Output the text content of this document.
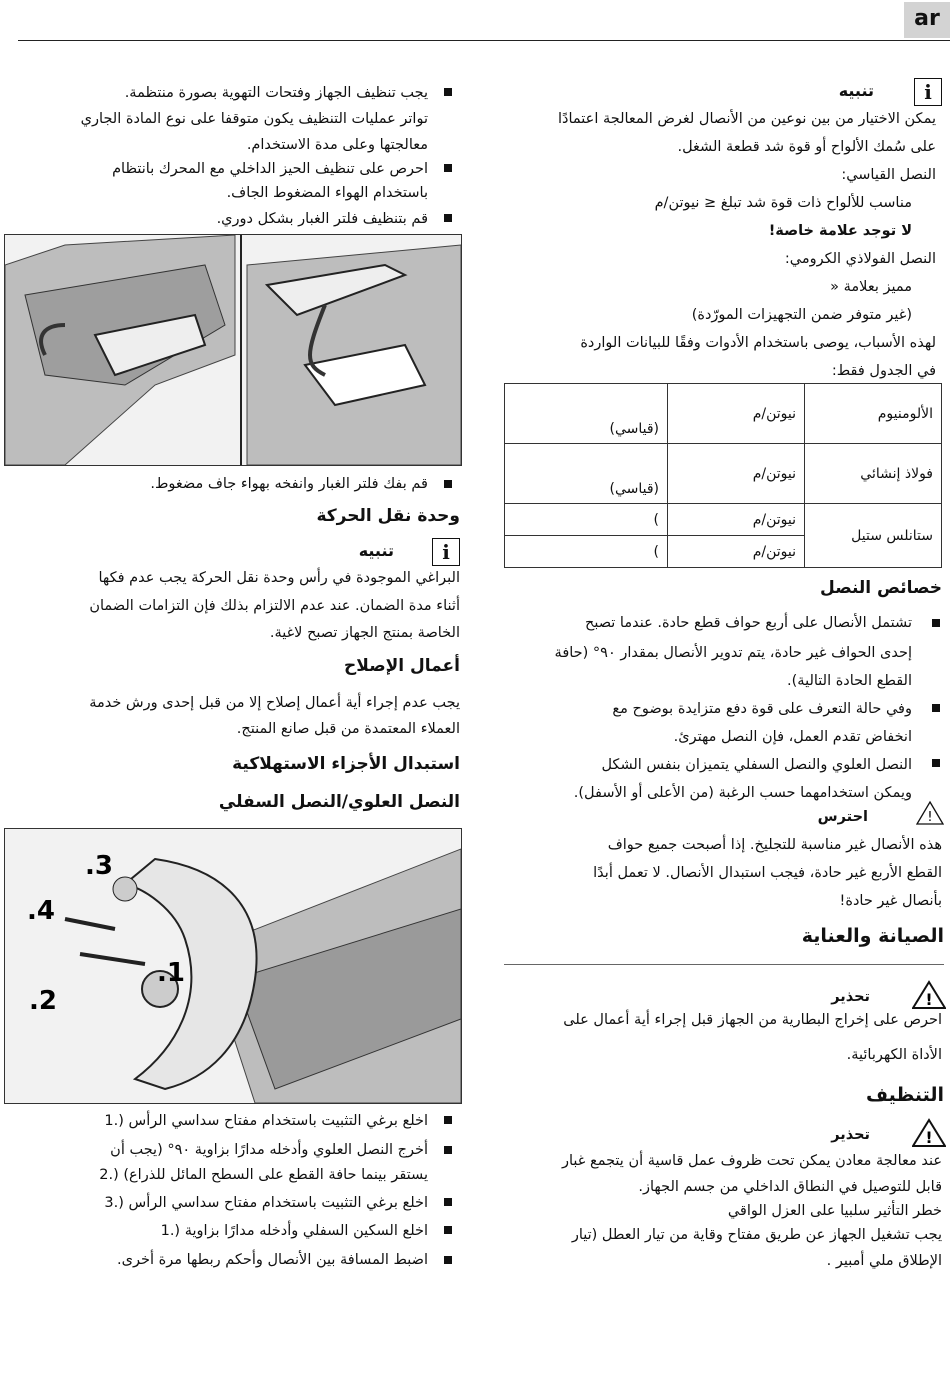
ar
i
تنبيه
يمكن الاختيار من بين نوعين من الأنصال لغرض المعالجة اعتمادًا
على سُمك الألواح أو قوة شد قطعة الشغل.
النصل القياسي:
مناسب للألواح ذات قوة شد تبلغ ≤ نيوتن/م
لا توجد علامة خاصة!
النصل الفولاذي الكرومي:
مميز بعلامة «
(غير متوفر ضمن التجهيزات المورّدة)
لهذه الأسباب، يوصى باستخدام الأدوات وفقًا للبيانات الواردة
في الجدول فقط:
الألومنيوم	نيوتن/م	(قياسي)
فولاذ إنشائي	نيوتن/م	(قياسي)
ستانلس ستيل	نيوتن/م	)
	نيوتن/م	)
خصائص النصل
تشتمل الأنصال على أربع حواف قطع حادة. عندما تصبح
إحدى الحواف غير حادة، يتم تدوير الأنصال بمقدار ٩٠° (حافة
القطع الحادة التالية).
وفي حالة التعرف على قوة دفع متزايدة بوضوح مع
انخفاض تقدم العمل، فإن النصل مهترئ.
النصل العلوي والنصل السفلي يتميزان بنفس الشكل
ويمكن استخدامهما حسب الرغبة (من الأعلى أو الأسفل).
!
احترس
هذه الأنصال غير مناسبة للتجليخ. إذا أصبحت جميع حواف
القطع الأربع غير حادة، فيجب استبدال الأنصال. لا تعمل أبدًا
بأنصال غير حادة!
الصيانة والعناية
!
تحذير
احرص على إخراج البطارية من الجهاز قبل إجراء أية أعمال على
الأداة الكهربائية.
التنظيف
!
تحذير
عند معالجة معادن يمكن تحت ظروف عمل قاسية أن يتجمع غبار
قابل للتوصيل في النطاق الداخلي من جسم الجهاز.
خطر التأثير سلبيا على العزل الواقي
يجب تشغيل الجهاز عن طريق مفتاح وقاية من تيار العطل (تيار
الإطلاق ملي أمبير .
يجب تنظيف الجهاز وفتحات التهوية بصورة منتظمة.
تواتر عمليات التنظيف يكون متوقفا على نوع المادة الجاري
معالجتها وعلى مدة الاستخدام.
احرص على تنظيف الحيز الداخلي مع المحرك بانتظام
باستخدام الهواء المضغوط الجاف.
قم بتنظيف فلتر الغبار بشكل دوري.
قم بفك فلتر الغبار وانفخه بهواء جاف مضغوط.
وحدة نقل الحركة
i
تنبيه
البراغي الموجودة في رأس وحدة نقل الحركة يجب عدم فكها
أثناء مدة الضمان. عند عدم الالتزام بذلك فإن التزامات الضمان
الخاصة بمنتج الجهاز تصبح لاغية.
أعمال الإصلاح
يجب عدم إجراء أية أعمال إصلاح إلا من قبل إحدى ورش خدمة
العملاء المعتمدة من قبل صانع المنتج.
استبدال الأجزاء الاستهلاكية
النصل العلوي/النصل السفلي
3.
4.
2.
1.
اخلع برغي التثبيت باستخدام مفتاح سداسي الرأس (.1
أخرج النصل العلوي وأدخله مدارًا بزاوية ٩٠° (يجب أن
يستقر بينما حافة القطع على السطح المائل للذراع) (.2
اخلع برغي التثبيت باستخدام مفتاح سداسي الرأس (.3
اخلع السكين السفلي وأدخله مدارًا بزاوية (.1
اضبط المسافة بين الأنصال وأحكم ربطها مرة أخرى.
